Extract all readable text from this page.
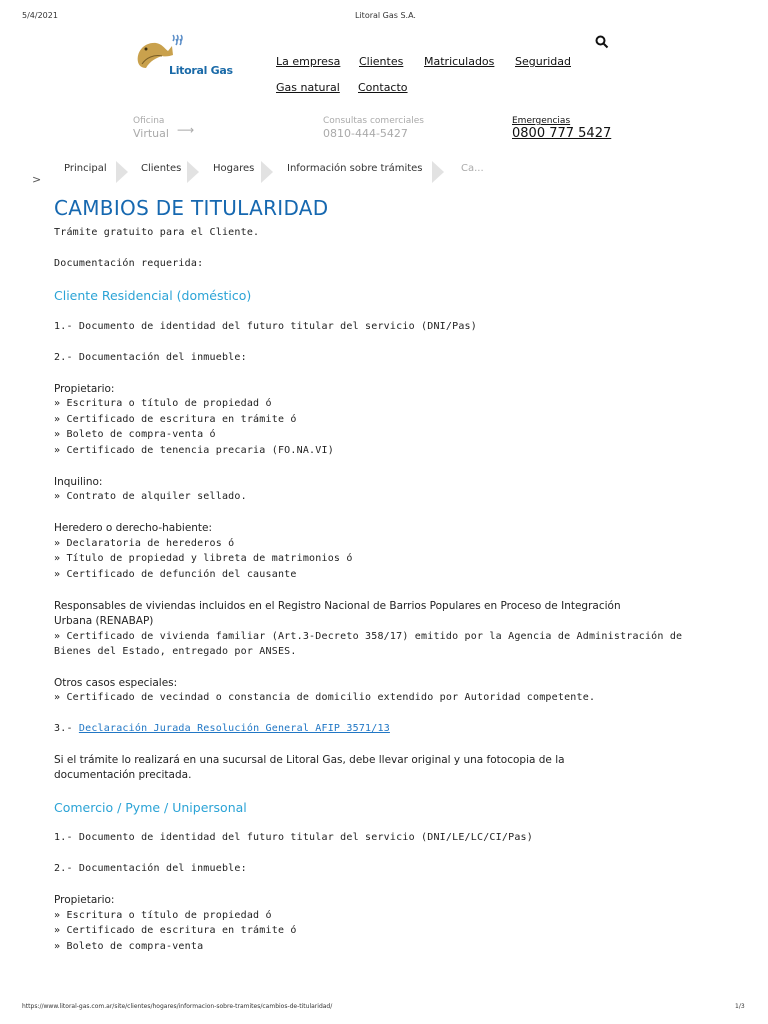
5/4/2021	Litoral Gas S.A.
Litoral Gas
La empresa Clientes Matriculados Seguridad
Gas natural Contacto
Oficina
Virtual ⟶
Consultas comerciales
0810-444-5427
Emergencias
0800 777 5427
>
Principal	Clientes	Hogares	Información sobre trámites	Ca...
CAMBIOS DE TITULARIDAD
Trámite gratuito para el Cliente.
Documentación requerida:
Cliente Residencial (doméstico)
1.- Documento de identidad del futuro titular del servicio (DNI/Pas)
2.- Documentación del inmueble:
Propietario:
» Escritura o título de propiedad ó
» Certificado de escritura en trámite ó
» Boleto de compra-venta ó
» Certificado de tenencia precaria (FO.NA.VI)
Inquilino:
» Contrato de alquiler sellado.
Heredero o derecho-habiente:
» Declaratoria de herederos ó
» Título de propiedad y libreta de matrimonios ó
» Certificado de defunción del causante
Responsables de viviendas incluidos en el Registro Nacional de Barrios Populares en Proceso de Integración
Urbana (RENABAP)
» Certificado de vivienda familiar (Art.3-Decreto 358/17) emitido por la Agencia de Administración de
Bienes del Estado, entregado por ANSES.
Otros casos especiales:
» Certificado de vecindad o constancia de domicilio extendido por Autoridad competente.
3.- Declaración Jurada Resolución General AFIP 3571/13
Si el trámite lo realizará en una sucursal de Litoral Gas, debe llevar original y una fotocopia de la
documentación precitada.
Comercio / Pyme / Unipersonal
1.- Documento de identidad del futuro titular del servicio (DNI/LE/LC/CI/Pas)
2.- Documentación del inmueble:
Propietario:
» Escritura o título de propiedad ó
» Certificado de escritura en trámite ó
» Boleto de compra-venta
https://www.litoral-gas.com.ar/site/clientes/hogares/informacion-sobre-tramites/cambios-de-titularidad/	1/3
